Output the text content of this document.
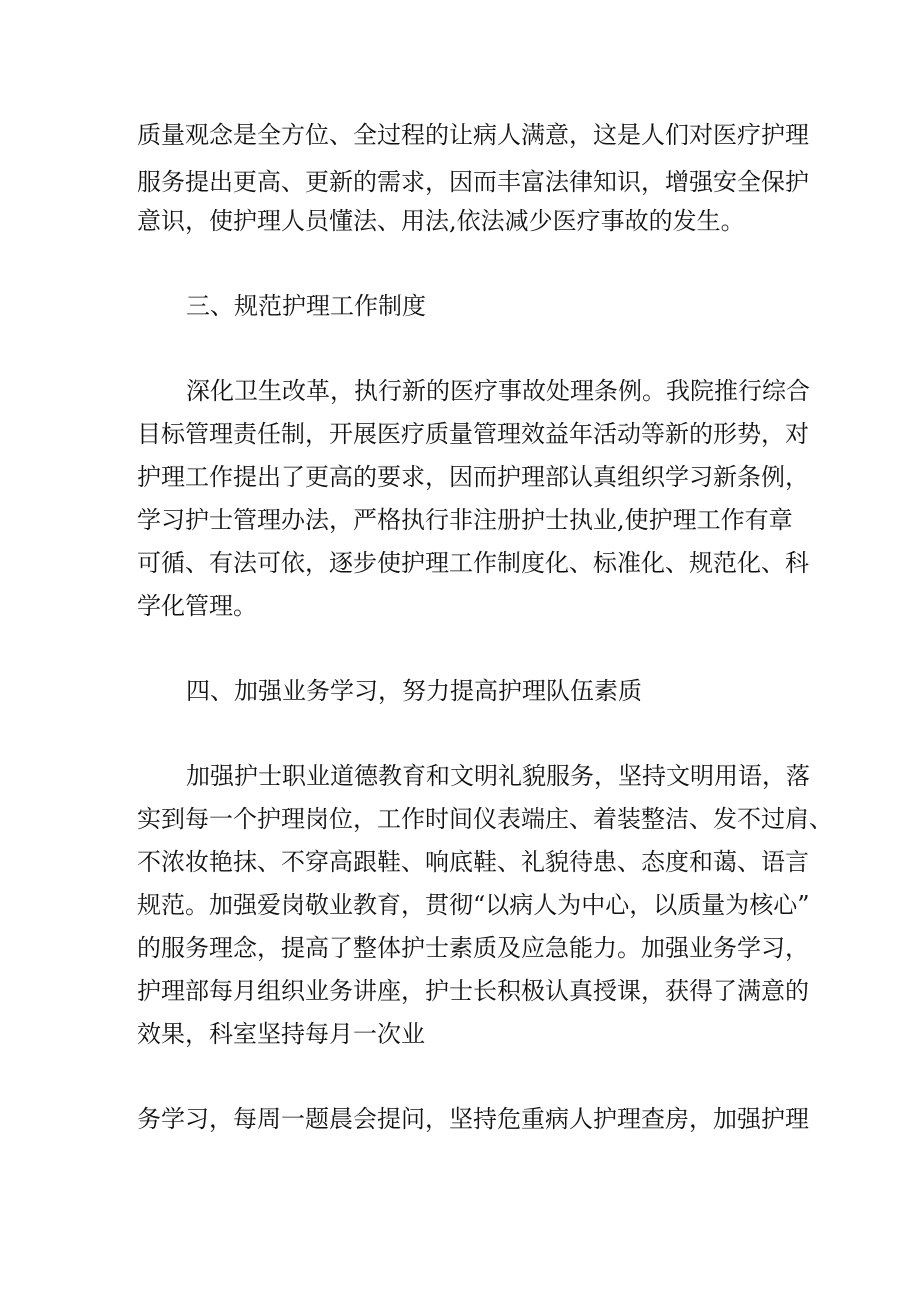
质量观念是全方位、全过程的让病人满意，这是人们对医疗护理

服务提出更高、更新的需求，因而丰富法律知识，增强安全保护

意识，使护理人员懂法、用法,依法减少医疗事故的发生。

三、规范护理工作制度

深化卫生改革，执行新的医疗事故处理条例。我院推行综合

目标管理责任制，开展医疗质量管理效益年活动等新的形势，对

护理工作提出了更高的要求，因而护理部认真组织学习新条例，

学习护士管理办法，严格执行非注册护士执业,使护理工作有章

可循、有法可依，逐步使护理工作制度化、标准化、规范化、科

学化管理。

四、加强业务学习，努力提高护理队伍素质

加强护士职业道德教育和文明礼貌服务，坚持文明用语，落

实到每一个护理岗位，工作时间仪表端庄、着装整洁、发不过肩、

不浓妆艳抹、不穿高跟鞋、响底鞋、礼貌待患、态度和蔼、语言

规范。加强爱岗敬业教育，贯彻“以病人为中心，以质量为核心”

的服务理念，提高了整体护士素质及应急能力。加强业务学习，

护理部每月组织业务讲座，护士长积极认真授课，获得了满意的

效果，科室坚持每月一次业

务学习，每周一题晨会提问，坚持危重病人护理查房，加强护理
